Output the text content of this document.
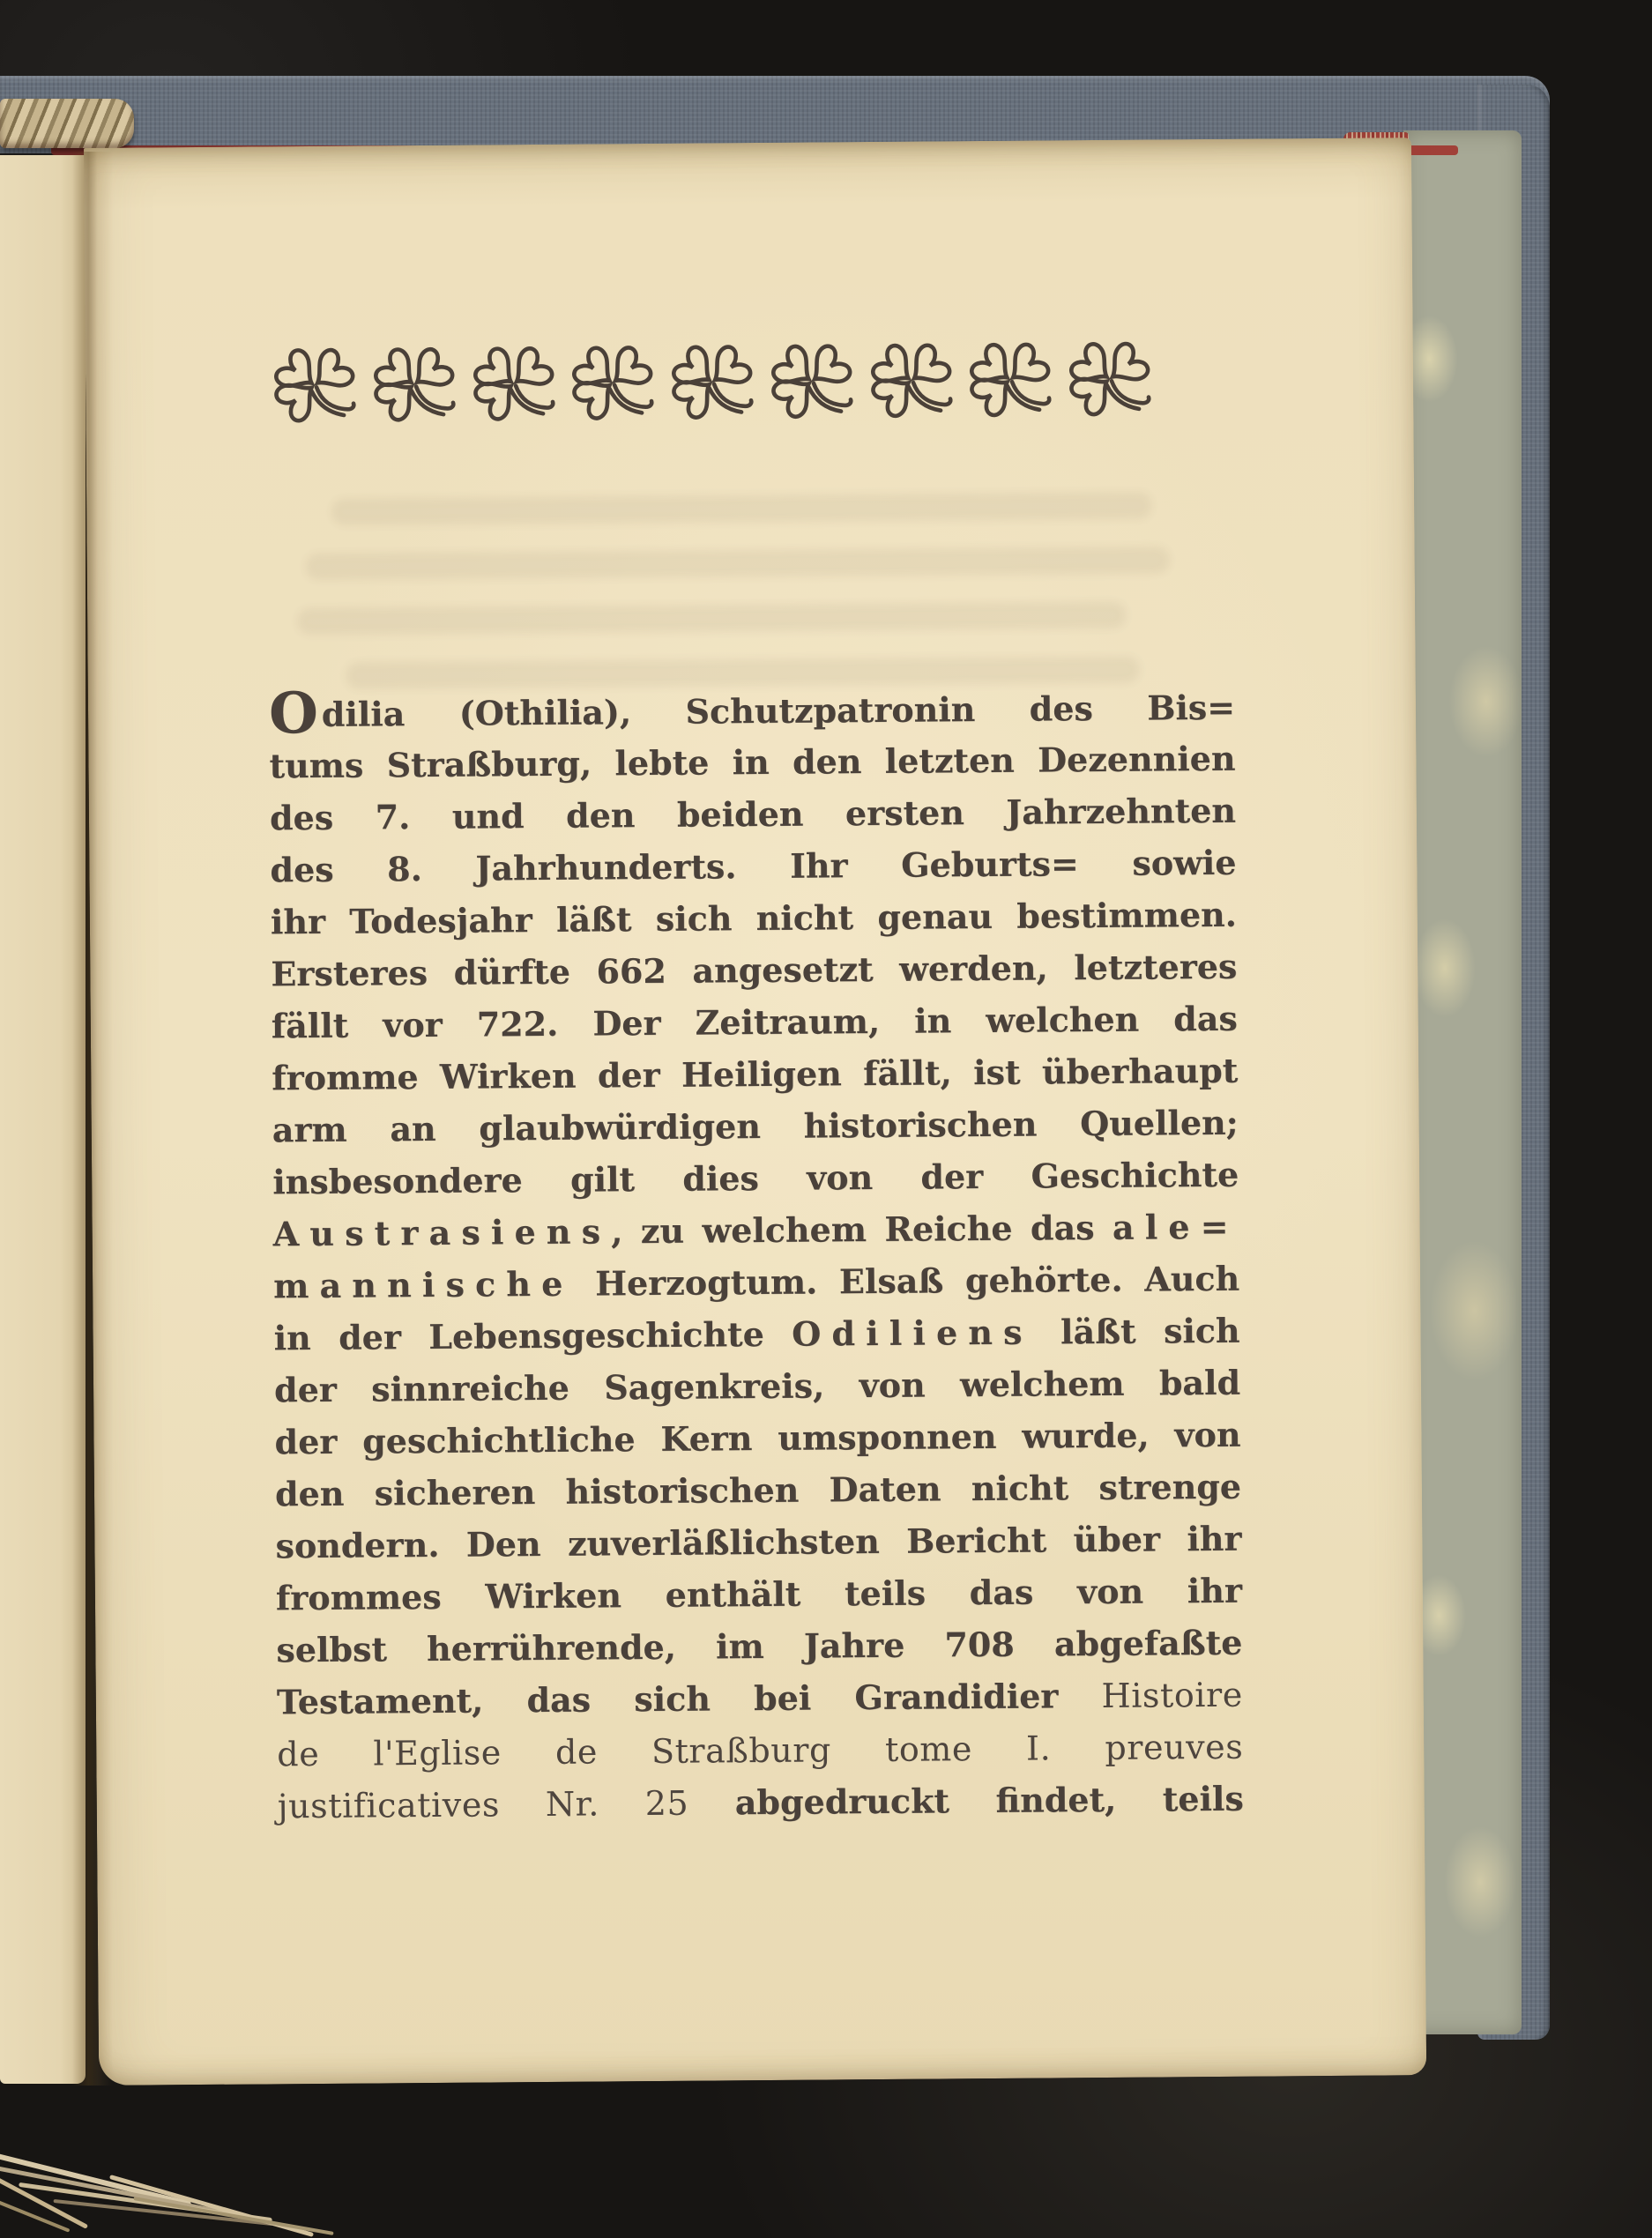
Odilia (Othilia), Schutzpatronin des Bis=
tums Straßburg, lebte in den letzten Dezennien
des 7. und den beiden ersten Jahrzehnten
des 8. Jahrhunderts. Ihr Geburts= sowie
ihr Todesjahr läßt sich nicht genau bestimmen.
Ersteres dürfte 662 angesetzt werden, letzteres
fällt vor 722. Der Zeitraum, in welchen das
fromme Wirken der Heiligen fällt, ist überhaupt
arm an glaubwürdigen historischen Quellen;
insbesondere gilt dies von der Geschichte
Austrasiens, zu welchem Reiche das ale=
mannische Herzogtum. Elsaß gehörte. Auch
in der Lebensgeschichte Odiliens läßt sich
der sinnreiche Sagenkreis, von welchem bald
der geschichtliche Kern umsponnen wurde, von
den sicheren historischen Daten nicht strenge
sondern. Den zuverläßlichsten Bericht über ihr
frommes Wirken enthält teils das von ihr
selbst herrührende, im Jahre 708 abgefaßte
Testament, das sich bei Grandidier Histoire
de l'Eglise de Straßburg tome I. preuves
justificatives Nr. 25 abgedruckt findet, teils
